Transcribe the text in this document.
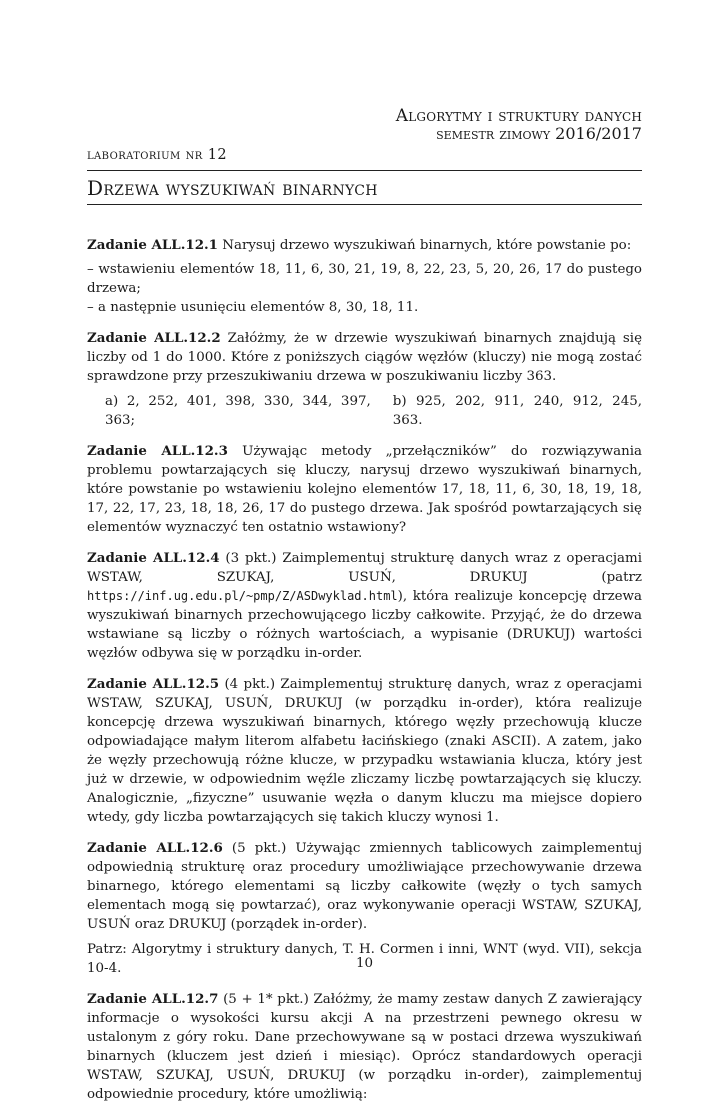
Algorytmy i struktury danych
semestr zimowy 2016/2017
laboratorium nr 12
Drzewa wyszukiwań binarnych

Zadanie ALL.12.1 Narysuj drzewo wyszukiwań binarnych, które powstanie po:

– wstawieniu elementów 18, 11, 6, 30, 21, 19, 8, 22, 23, 5, 20, 26, 17 do pustego drzewa;

– a następnie usunięciu elementów 8, 30, 18, 11.

Zadanie ALL.12.2 Załóżmy, że w drzewie wyszukiwań binarnych znajdują się liczby od 1 do 1000. Które z poniższych ciągów węzłów (kluczy) nie mogą zostać sprawdzone przy przeszukiwaniu drzewa w poszukiwaniu liczby 363.

a) 2, 252, 401, 398, 330, 344, 397, 363;
b) 925, 202, 911, 240, 912, 245, 363.

Zadanie ALL.12.3 Używając metody „przełączników” do rozwiązywania problemu powtarzających się kluczy, narysuj drzewo wyszukiwań binarnych, które powstanie po wstawieniu kolejno elementów 17, 18, 11, 6, 30, 18, 19, 18, 17, 22, 17, 23, 18, 18, 26, 17 do pustego drzewa. Jak spośród powtarzających się elementów wyznaczyć ten ostatnio wstawiony?

Zadanie ALL.12.4 (3 pkt.) Zaimplementuj strukturę danych wraz z operacjami WSTAW, SZUKAJ, USUŃ, DRUKUJ (patrz https://inf.ug.edu.pl/~pmp/Z/ASDwyklad.html), która realizuje koncepcję drzewa wyszukiwań binarnych przechowującego liczby całkowite. Przyjąć, że do drzewa wstawiane są liczby o różnych wartościach, a wypisanie (DRUKUJ) wartości węzłów odbywa się w porządku in-order.

Zadanie ALL.12.5 (4 pkt.) Zaimplementuj strukturę danych, wraz z operacjami WSTAW, SZUKAJ, USUŃ, DRUKUJ (w porządku in-order), która realizuje koncepcję drzewa wyszukiwań binarnych, którego węzły przechowują klucze odpowiadające małym literom alfabetu łacińskiego (znaki ASCII). A zatem, jako że węzły przechowują różne klucze, w przypadku wstawiania klucza, który jest już w drzewie, w odpowiednim węźle zliczamy liczbę powtarzających się kluczy. Analogicznie, „fizyczne” usuwanie węzła o danym kluczu ma miejsce dopiero wtedy, gdy liczba powtarzających się takich kluczy wynosi 1.

Zadanie ALL.12.6 (5 pkt.) Używając zmiennych tablicowych zaimplementuj odpowiednią strukturę oraz procedury umożliwiające przechowywanie drzewa binarnego, którego elementami są liczby całkowite (węzły o tych samych elementach mogą się powtarzać), oraz wykonywanie operacji WSTAW, SZUKAJ, USUŃ oraz DRUKUJ (porządek in-order).

Patrz: Algorytmy i struktury danych, T. H. Cormen i inni, WNT (wyd. VII), sekcja 10-4.

Zadanie ALL.12.7 (5 + 1* pkt.) Załóżmy, że mamy zestaw danych Z zawierający informacje o wysokości kursu akcji A na przestrzeni pewnego okresu w ustalonym z góry roku. Dane przechowywane są w postaci drzewa wyszukiwań binarnych (kluczem jest dzień i miesiąc). Oprócz standardowych operacji WSTAW, SZUKAJ, USUŃ, DRUKUJ (w porządku in-order), zaimplementuj odpowiednie procedury, które umożliwią:

10
